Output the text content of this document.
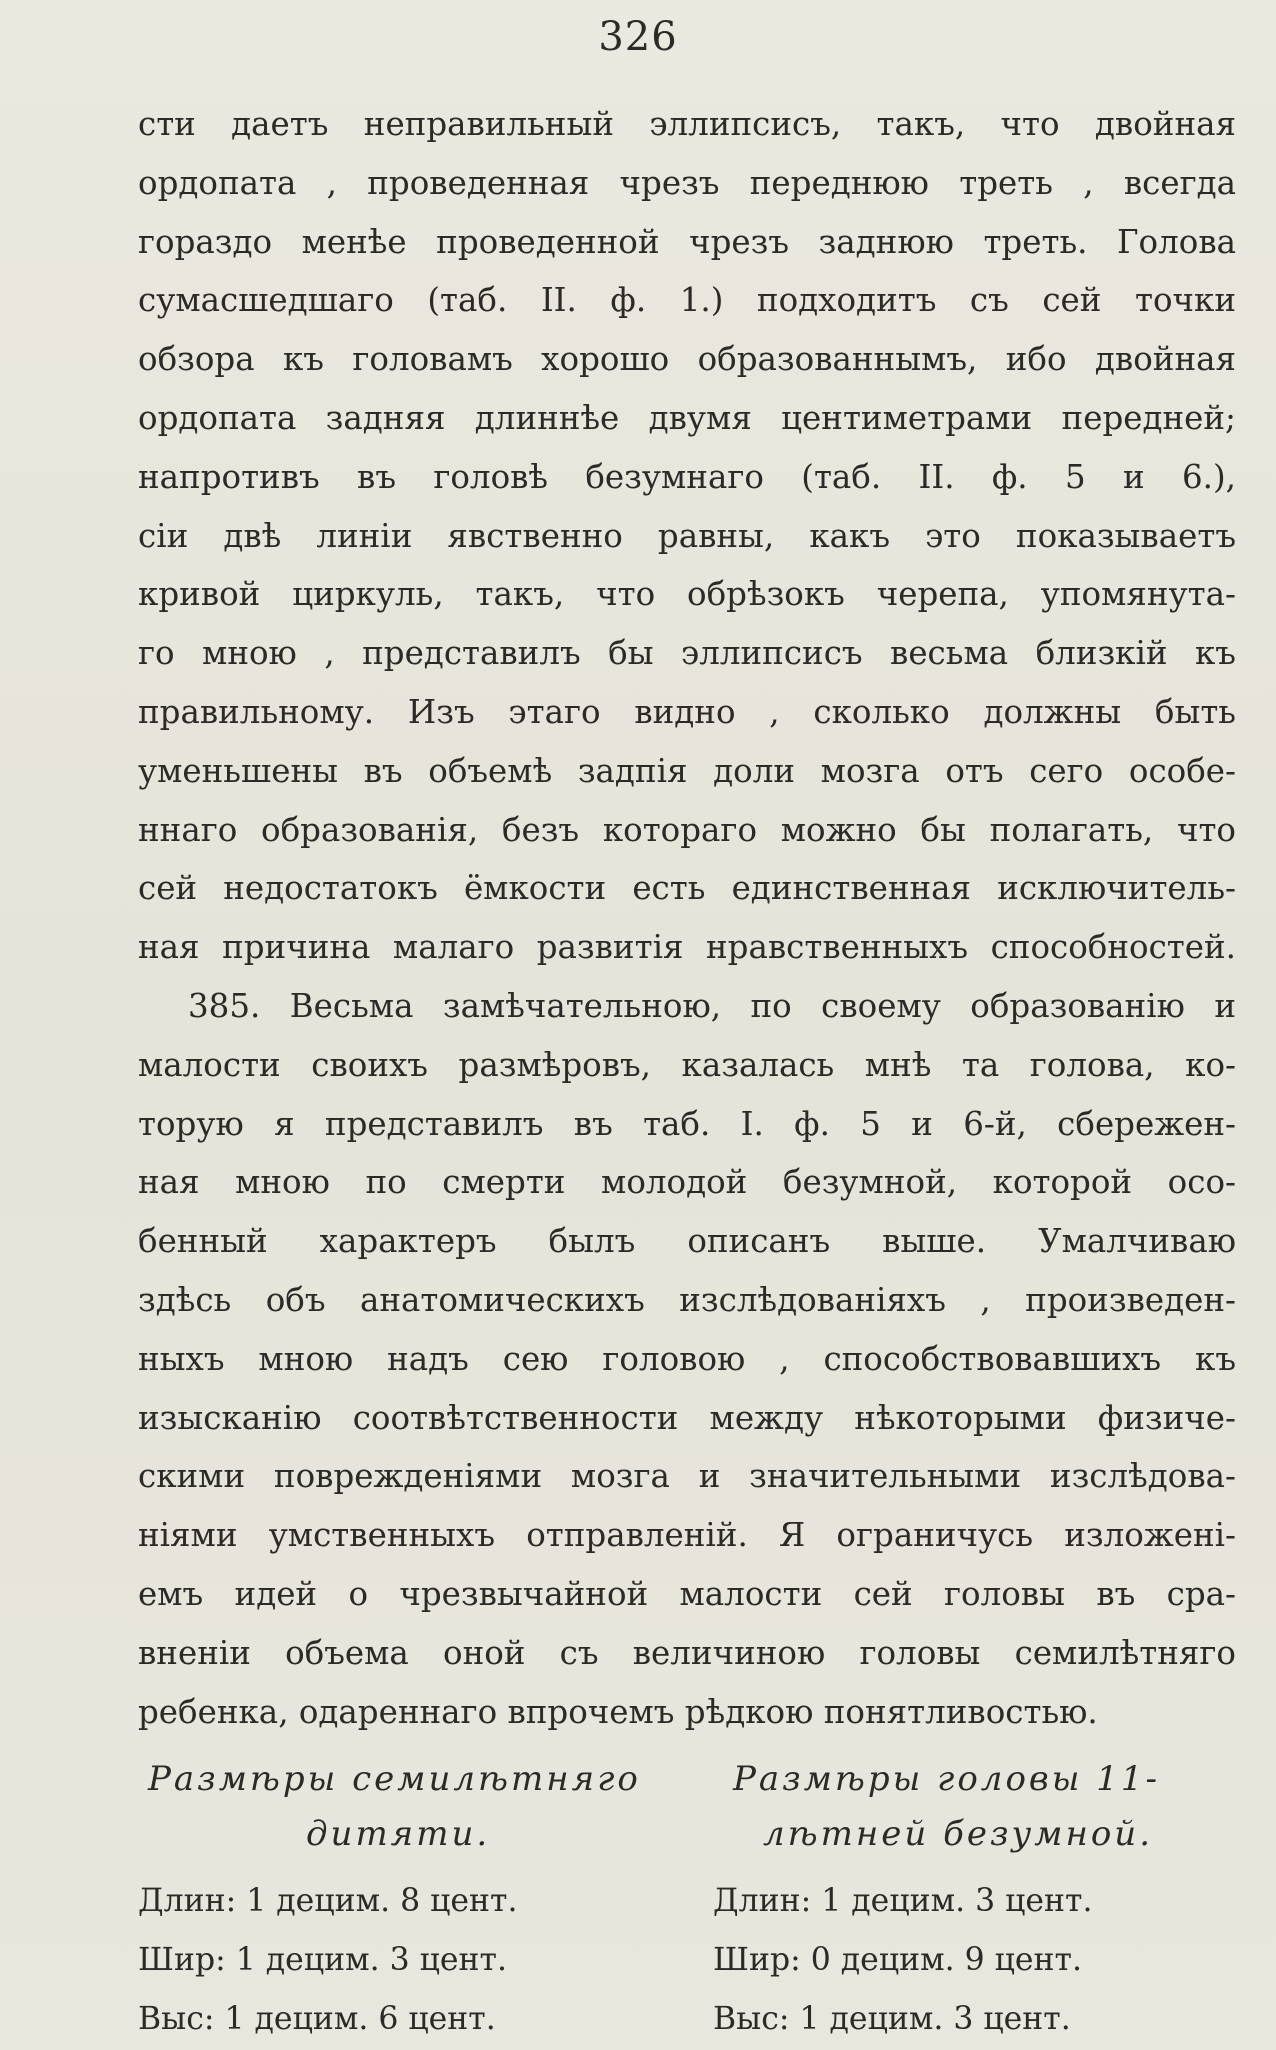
326
сти даетъ неправильный эллипсисъ, такъ, что двойная
ордопата , проведенная чрезъ переднюю треть , всегда
гораздо менѣе проведенной чрезъ заднюю треть. Голова
сумасшедшаго (таб. II. ф. 1.) подходитъ съ сей точки
обзора къ головамъ хорошо образованнымъ, ибо двойная
ордопата задняя длиннѣе двумя центиметрами передней;
напротивъ въ головѣ безумнаго (таб. II. ф. 5 и 6.),
сіи двѣ линіи явственно равны, какъ это показываетъ
кривой циркуль, такъ, что обрѣзокъ черепа, упомянута-
го мною , представилъ бы эллипсисъ весьма близкій къ
правильному. Изъ этаго видно , сколько должны быть
уменьшены въ объемѣ задпія доли мозга отъ сего особе-
ннаго образованія, безъ котораго можно бы полагать, что
сей недостатокъ ёмкости есть единственная исключитель-
ная причина малаго развитія нравственныхъ способностей.
385. Весьма замѣчательною, по своему образованію и
малости своихъ размѣровъ, казалась мнѣ та голова, ко-
торую я представилъ въ таб. I. ф. 5 и 6-й, сбережен-
ная мною по смерти молодой безумной, которой осо-
бенный характеръ былъ описанъ выше. Умалчиваю
здѣсь объ анатомическихъ изслѣдованіяхъ , произведен-
ныхъ мною надъ сею головою , способствовавшихъ къ
изысканію соотвѣтственности между нѣкоторыми физиче-
скими поврежденіями мозга и значительными изслѣдова-
ніями умственныхъ отправленій. Я ограничусь изложені-
емъ идей о чрезвычайной малости сей головы въ сра-
вненіи объема оной съ величиною головы семилѣтняго
ребенка, одареннаго впрочемъ рѣдкою понятливостью.
Размѣры семилѣтняго
дитяти.
Длин: 1 децим. 8 цент.
Шир: 1 децим. 3 цент.
Выс: 1 децим. 6 цент.
Размѣры головы 11-
лѣтней безумной.
Длин: 1 децим. 3 цент.
Шир: 0 децим. 9 цент.
Выс: 1 децим. 3 цент.
